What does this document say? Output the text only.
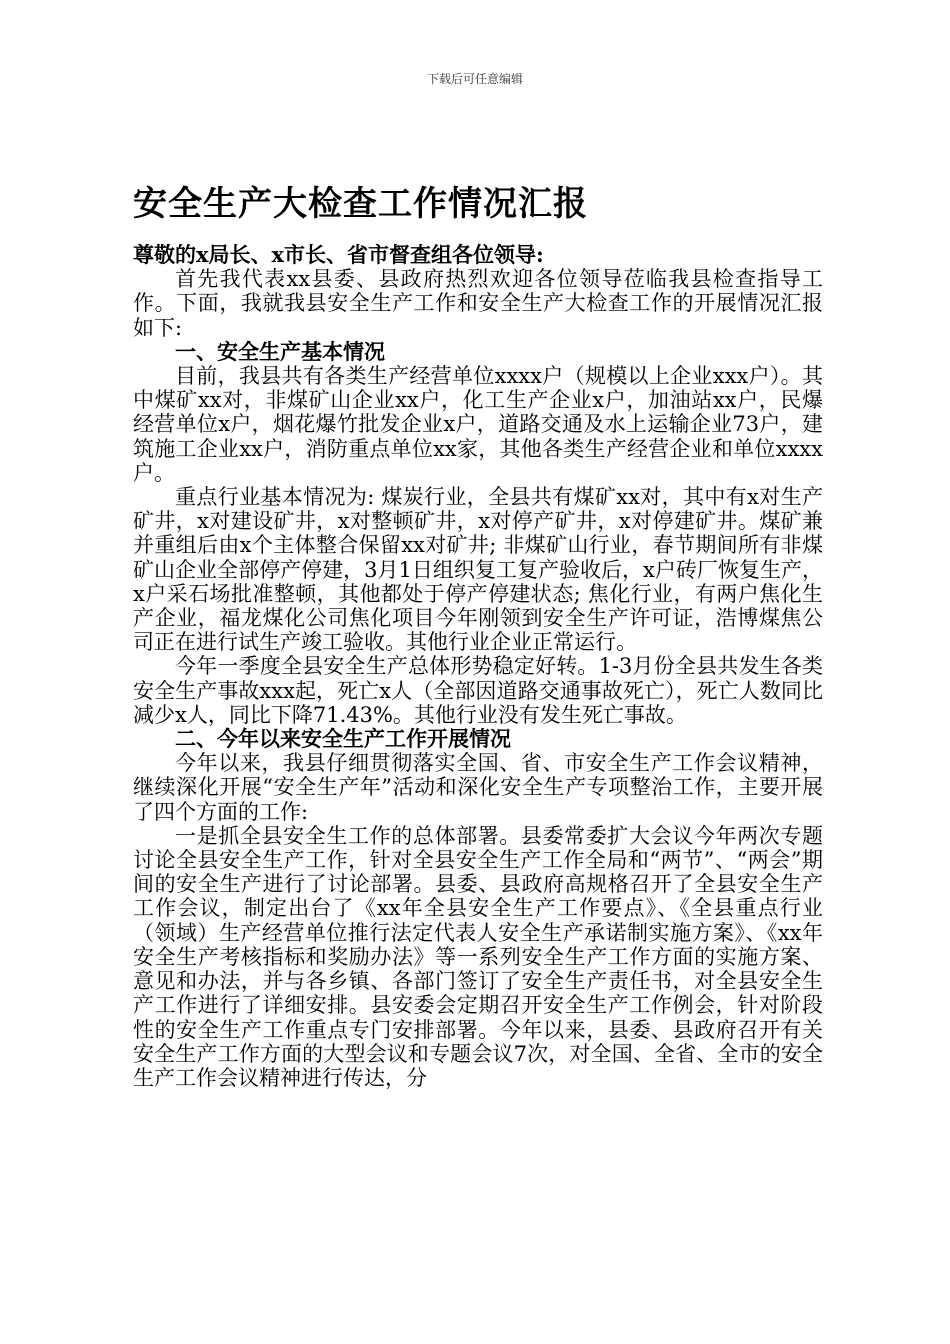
下载后可任意编辑
安全生产大检查工作情况汇报

尊敬的x局长、x市长、省市督查组各位领导:

首先我代表xx县委、县政府热烈欢迎各位领导莅临我县检查指导工作。下面，我就我县安全生产工作和安全生产大检查工作的开展情况汇报如下:

一、安全生产基本情况

目前，我县共有各类生产经营单位xxxx户（规模以上企业xxx户）。其中煤矿xx对，非煤矿山企业xx户，化工生产企业x户，加油站xx户，民爆经营单位x户，烟花爆竹批发企业x户，道路交通及水上运输企业73户，建筑施工企业xx户，消防重点单位xx家，其他各类生产经营企业和单位xxxx户。

重点行业基本情况为: 煤炭行业，全县共有煤矿xx对，其中有x对生产矿井，x对建设矿井，x对整顿矿井，x对停产矿井，x对停建矿井。煤矿兼并重组后由x个主体整合保留xx对矿井; 非煤矿山行业，春节期间所有非煤矿山企业全部停产停建，3月1日组织复工复产验收后，x户砖厂恢复生产，x户采石场批准整顿，其他都处于停产停建状态; 焦化行业，有两户焦化生产企业，福龙煤化公司焦化项目今年刚领到安全生产许可证，浩博煤焦公司正在进行试生产竣工验收。其他行业企业正常运行。

今年一季度全县安全生产总体形势稳定好转。1-3月份全县共发生各类安全生产事故xxx起，死亡x人（全部因道路交通事故死亡），死亡人数同比减少x人，同比下降71.43%。其他行业没有发生死亡事故。

二、今年以来安全生产工作开展情况

今年以来，我县仔细贯彻落实全国、省、市安全生产工作会议精神，继续深化开展“安全生产年”活动和深化安全生产专项整治工作，主要开展了四个方面的工作:

一是抓全县安全生工作的总体部署。县委常委扩大会议今年两次专题讨论全县安全生产工作，针对全县安全生产工作全局和“两节”、“两会”期间的安全生产进行了讨论部署。县委、县政府高规格召开了全县安全生产工作会议，制定出台了《xx年全县安全生产工作要点》、《全县重点行业（领域）生产经营单位推行法定代表人安全生产承诺制实施方案》、《xx年安全生产考核指标和奖励办法》等一系列安全生产工作方面的实施方案、意见和办法，并与各乡镇、各部门签订了安全生产责任书，对全县安全生产工作进行了详细安排。县安委会定期召开安全生产工作例会，针对阶段性的安全生产工作重点专门安排部署。今年以来，县委、县政府召开有关安全生产工作方面的大型会议和专题会议7次，对全国、全省、全市的安全生产工作会议精神进行传达，分
